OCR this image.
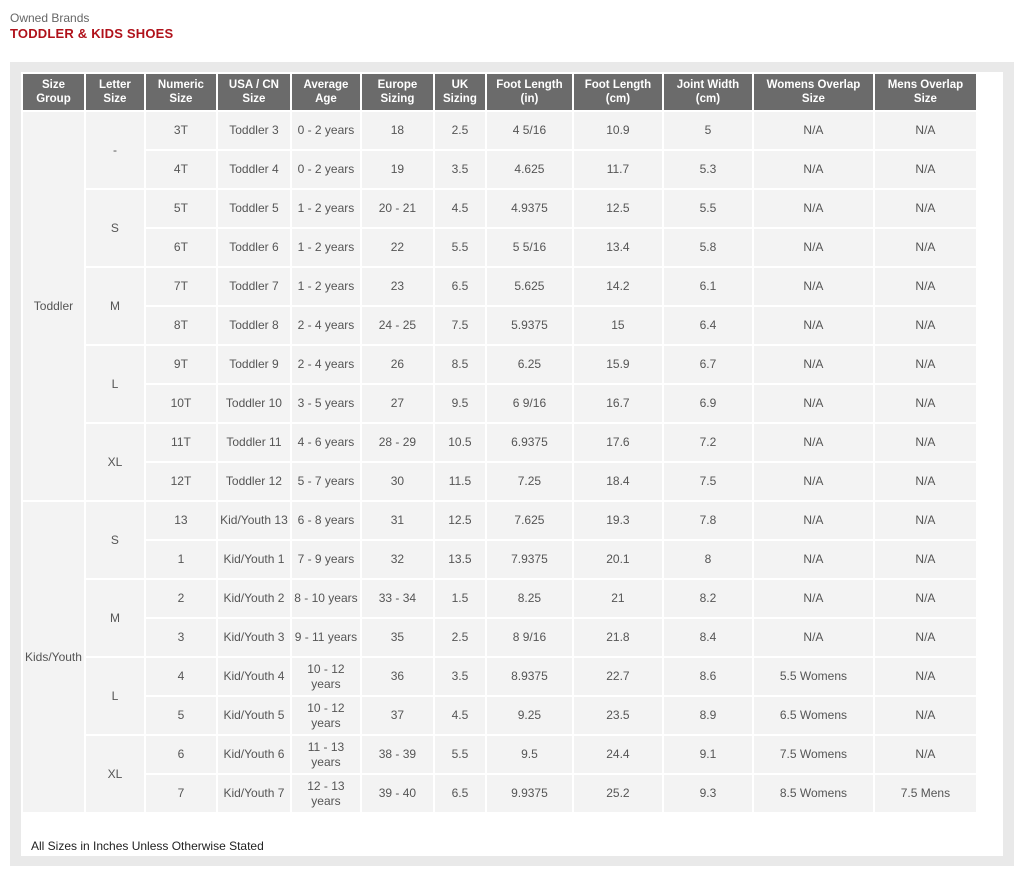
Owned Brands
TODDLER & KIDS SHOES
Size Group	Letter Size	Numeric Size	USA / CN Size	Average Age	Europe Sizing	UK Sizing	Foot Length (in)	Foot Length (cm)	Joint Width (cm)	Womens Overlap Size	Mens Overlap Size
Toddler	-	3T	Toddler 3	0 - 2 years	18	2.5	4 5/16	10.9	5	N/A	N/A
		4T	Toddler 4	0 - 2 years	19	3.5	4.625	11.7	5.3	N/A	N/A
	S	5T	Toddler 5	1 - 2 years	20 - 21	4.5	4.9375	12.5	5.5	N/A	N/A
		6T	Toddler 6	1 - 2 years	22	5.5	5 5/16	13.4	5.8	N/A	N/A
	M	7T	Toddler 7	1 - 2 years	23	6.5	5.625	14.2	6.1	N/A	N/A
		8T	Toddler 8	2 - 4 years	24 - 25	7.5	5.9375	15	6.4	N/A	N/A
	L	9T	Toddler 9	2 - 4 years	26	8.5	6.25	15.9	6.7	N/A	N/A
		10T	Toddler 10	3 - 5 years	27	9.5	6 9/16	16.7	6.9	N/A	N/A
	XL	11T	Toddler 11	4 - 6 years	28 - 29	10.5	6.9375	17.6	7.2	N/A	N/A
		12T	Toddler 12	5 - 7 years	30	11.5	7.25	18.4	7.5	N/A	N/A
Kids/Youth	S	13	Kid/Youth 13	6 - 8 years	31	12.5	7.625	19.3	7.8	N/A	N/A
		1	Kid/Youth 1	7 - 9 years	32	13.5	7.9375	20.1	8	N/A	N/A
	M	2	Kid/Youth 2	8 - 10 years	33 - 34	1.5	8.25	21	8.2	N/A	N/A
		3	Kid/Youth 3	9 - 11 years	35	2.5	8 9/16	21.8	8.4	N/A	N/A
	L	4	Kid/Youth 4	10 - 12 years	36	3.5	8.9375	22.7	8.6	5.5 Womens	N/A
		5	Kid/Youth 5	10 - 12 years	37	4.5	9.25	23.5	8.9	6.5 Womens	N/A
	XL	6	Kid/Youth 6	11 - 13 years	38 - 39	5.5	9.5	24.4	9.1	7.5 Womens	N/A
		7	Kid/Youth 7	12 - 13 years	39 - 40	6.5	9.9375	25.2	9.3	8.5 Womens	7.5 Mens
All Sizes in Inches Unless Otherwise Stated
